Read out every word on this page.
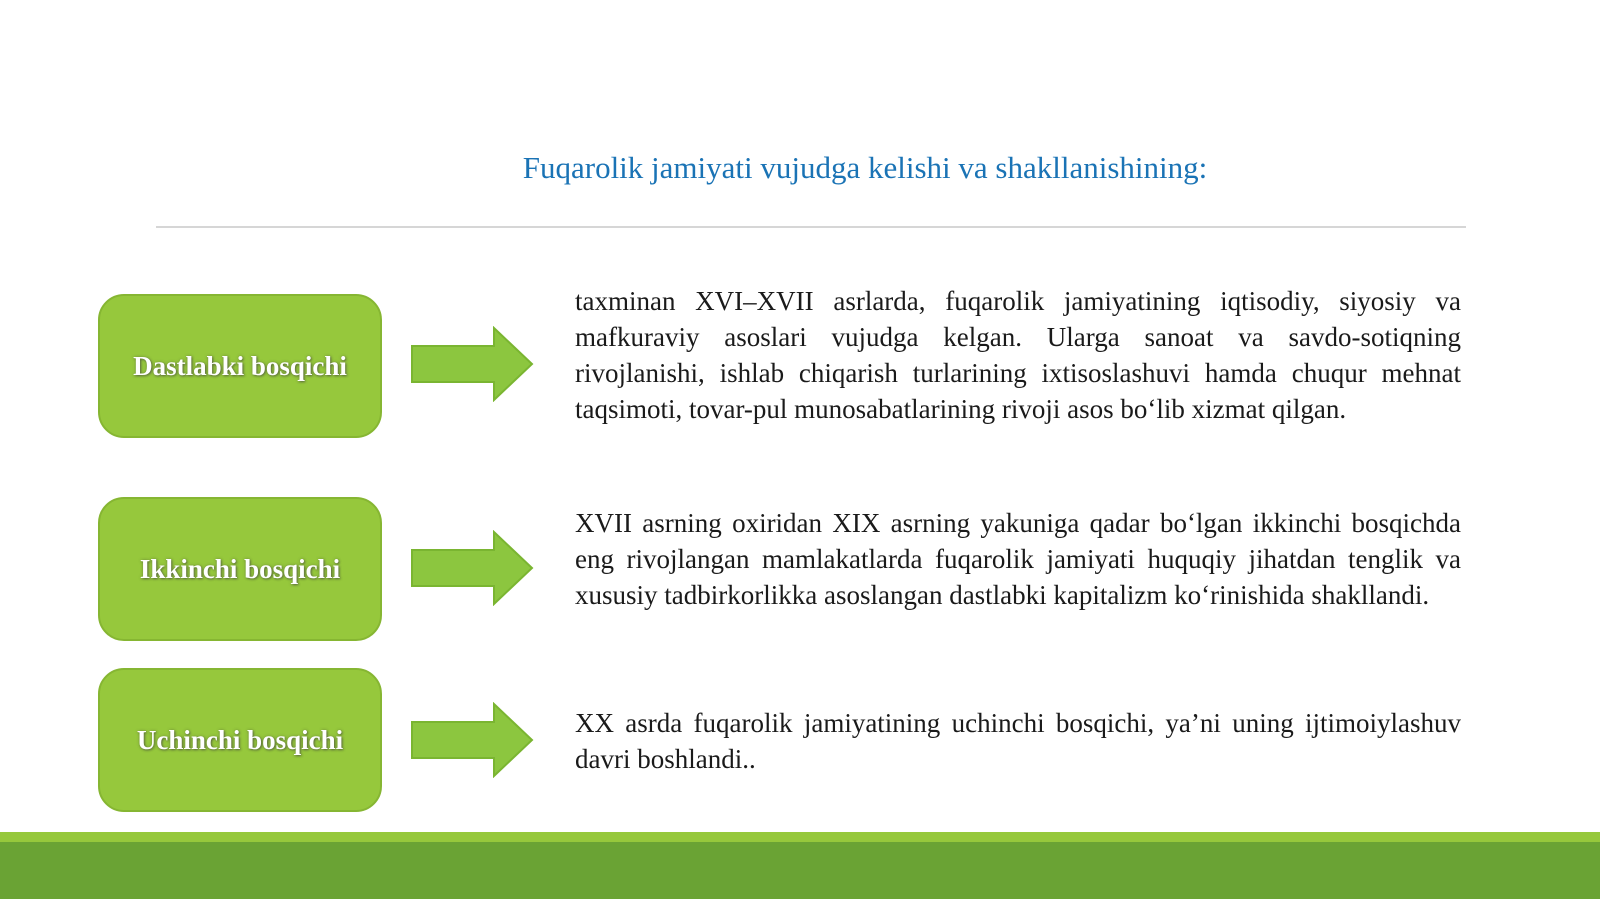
Fuqarolik jamiyati vujudga kelishi va shakllanishining:
Dastlabki bosqichi

taxminan XVI–XVII asrlarda, fuqarolik jamiyatining iqtisodiy, siyosiy va mafkuraviy asoslari vujudga kelgan. Ularga sanoat va savdo-sotiqning rivojlanishi, ishlab chiqarish turlarining ixtisoslashuvi hamda chuqur mehnat taqsimoti, tovar-pul munosabatlarining rivoji asos bo‘lib xizmat qilgan.

Ikkinchi bosqichi

XVII asrning oxiridan XIX asrning yakuniga qadar bo‘lgan ikkinchi bosqichda eng rivojlangan mamlakatlarda fuqarolik jamiyati huquqiy jihatdan tenglik va xususiy tadbirkorlikka asoslangan dastlabki kapitalizm ko‘rinishida shakllandi.

Uchinchi bosqichi

XX asrda fuqarolik jamiyatining uchinchi bosqichi, ya’ni uning ijtimoiylashuv davri boshlandi..
